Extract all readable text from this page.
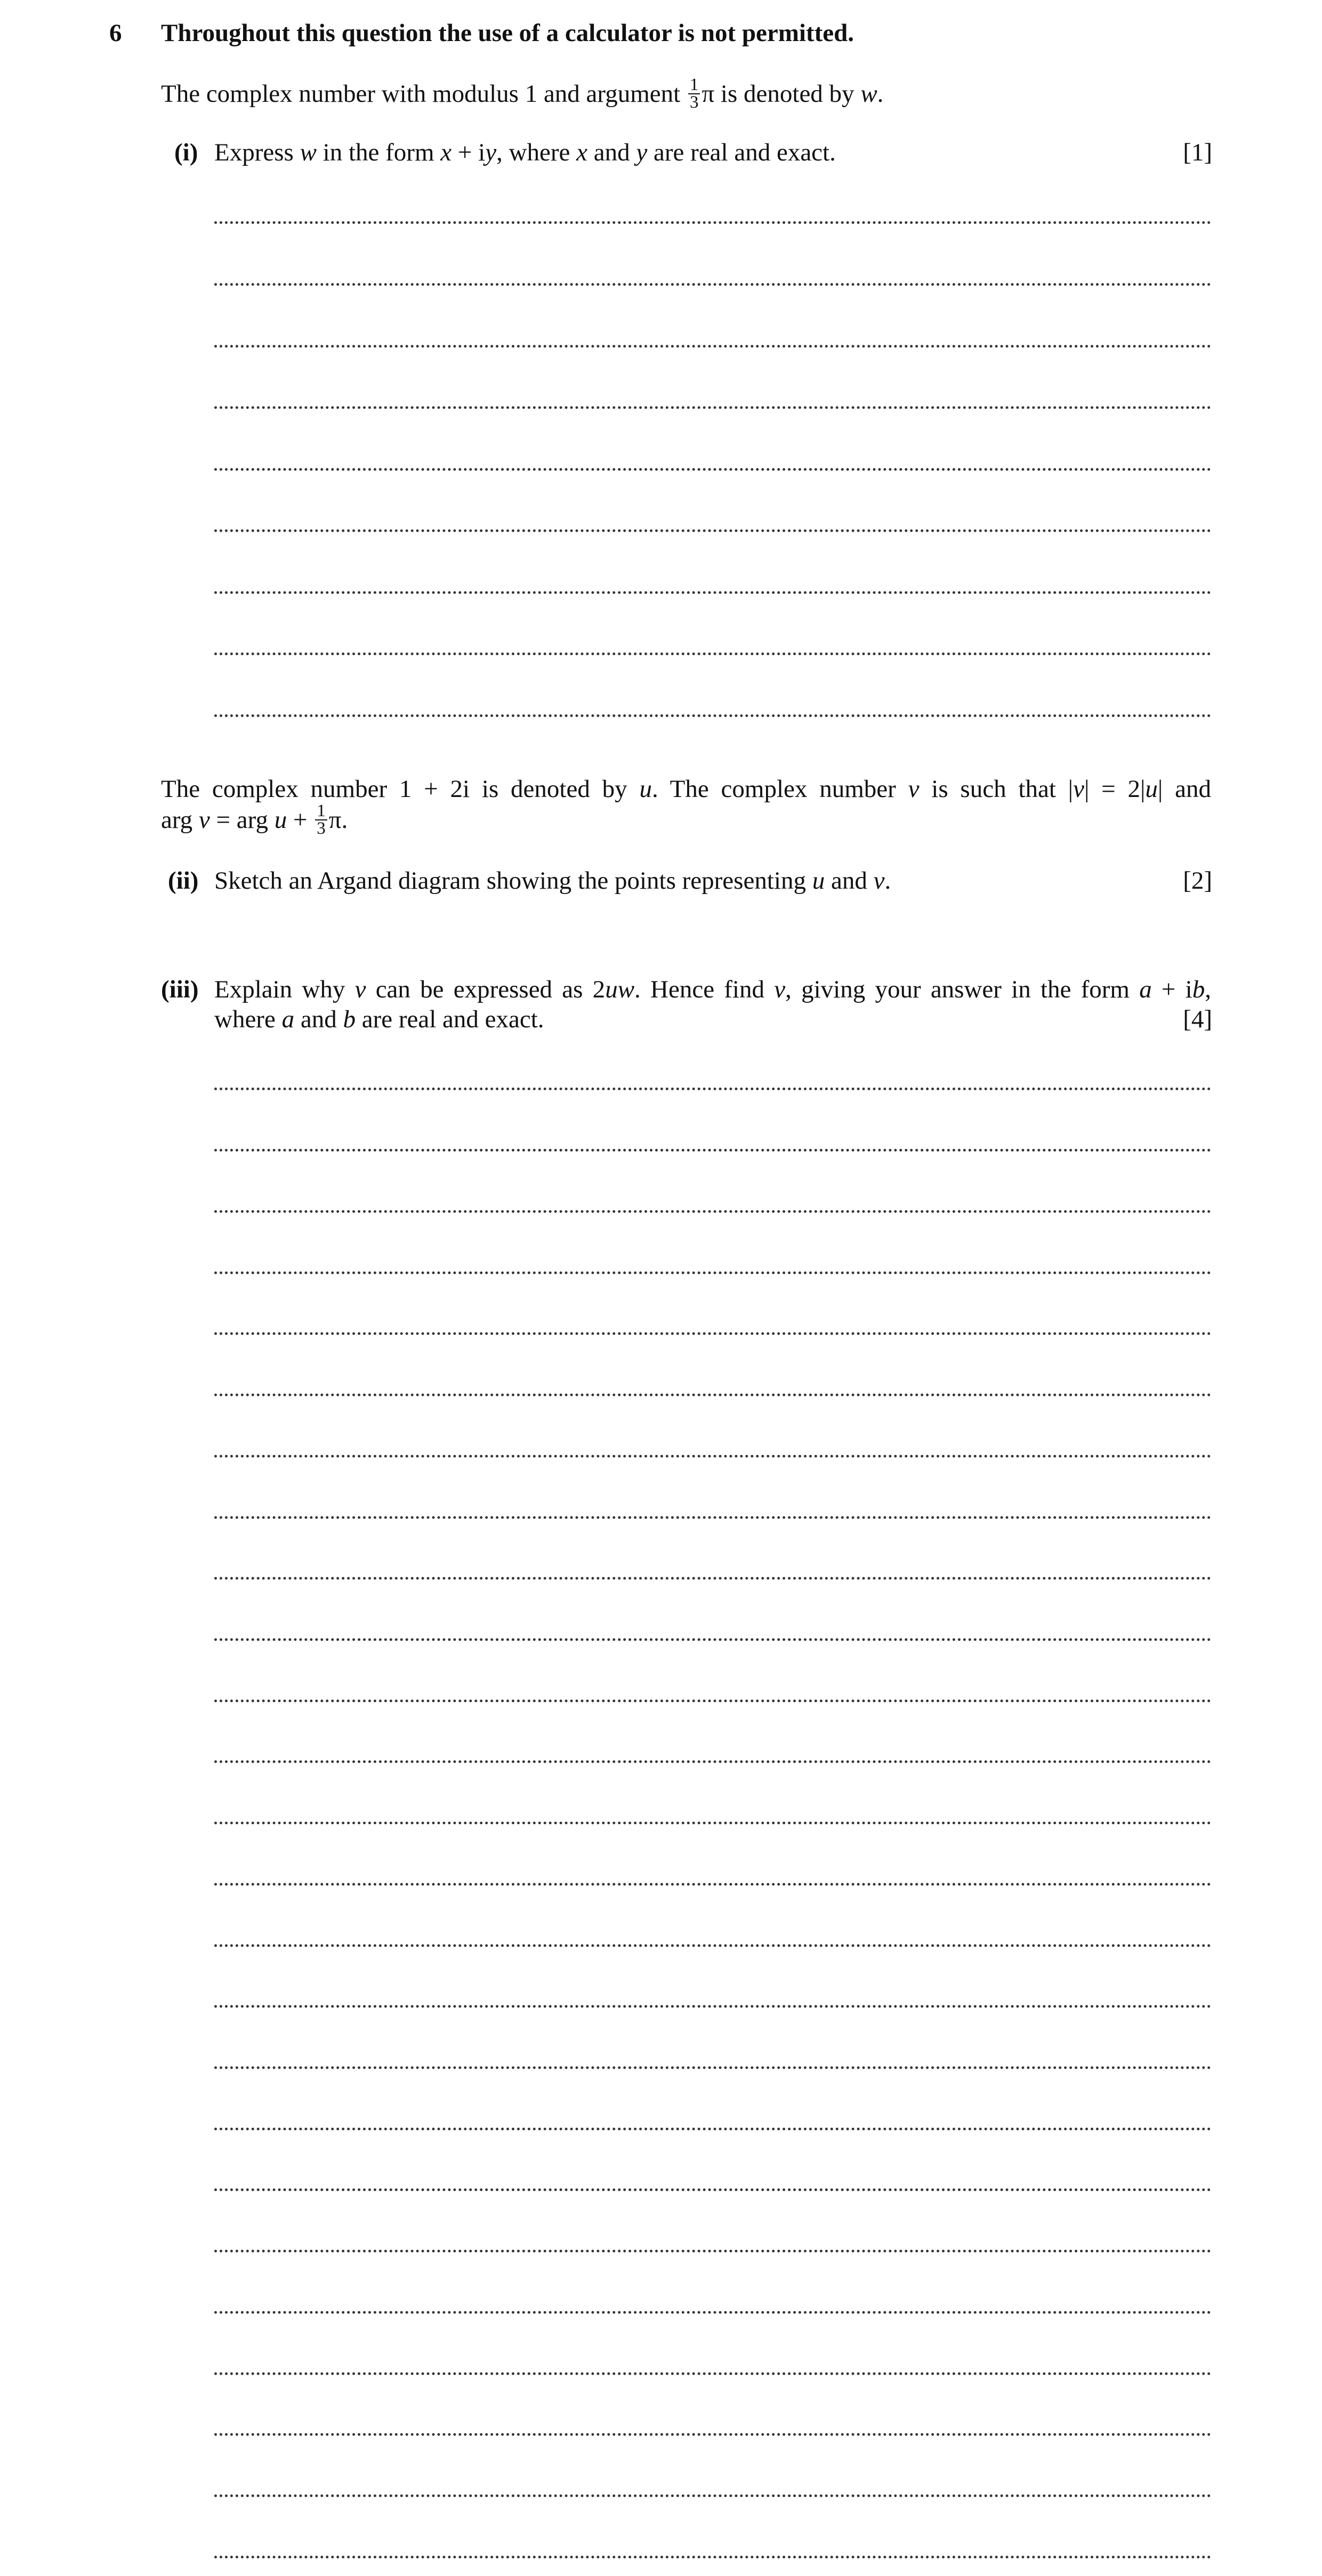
6 Throughout this question the use of a calculator is not permitted.
The complex number with modulus 1 and argument $\frac{1}{3}$ π is denoted by w.
(i) Express w in the form x + iy, where x and y are real and exact.	[1]
The complex number 1 + 2i is denoted by u. The complex number v is such that |v| = 2|u| and
arg v = arg $u + \frac{1}{3} \pi$.
(ii) Sketch an Argand diagram showing the points representing u and v.	[2]
(iii) Explain why v can be expressed as 2uw. Hence find v, giving your answer in the form a + ib,
where a and b are real and exact.	[4]
